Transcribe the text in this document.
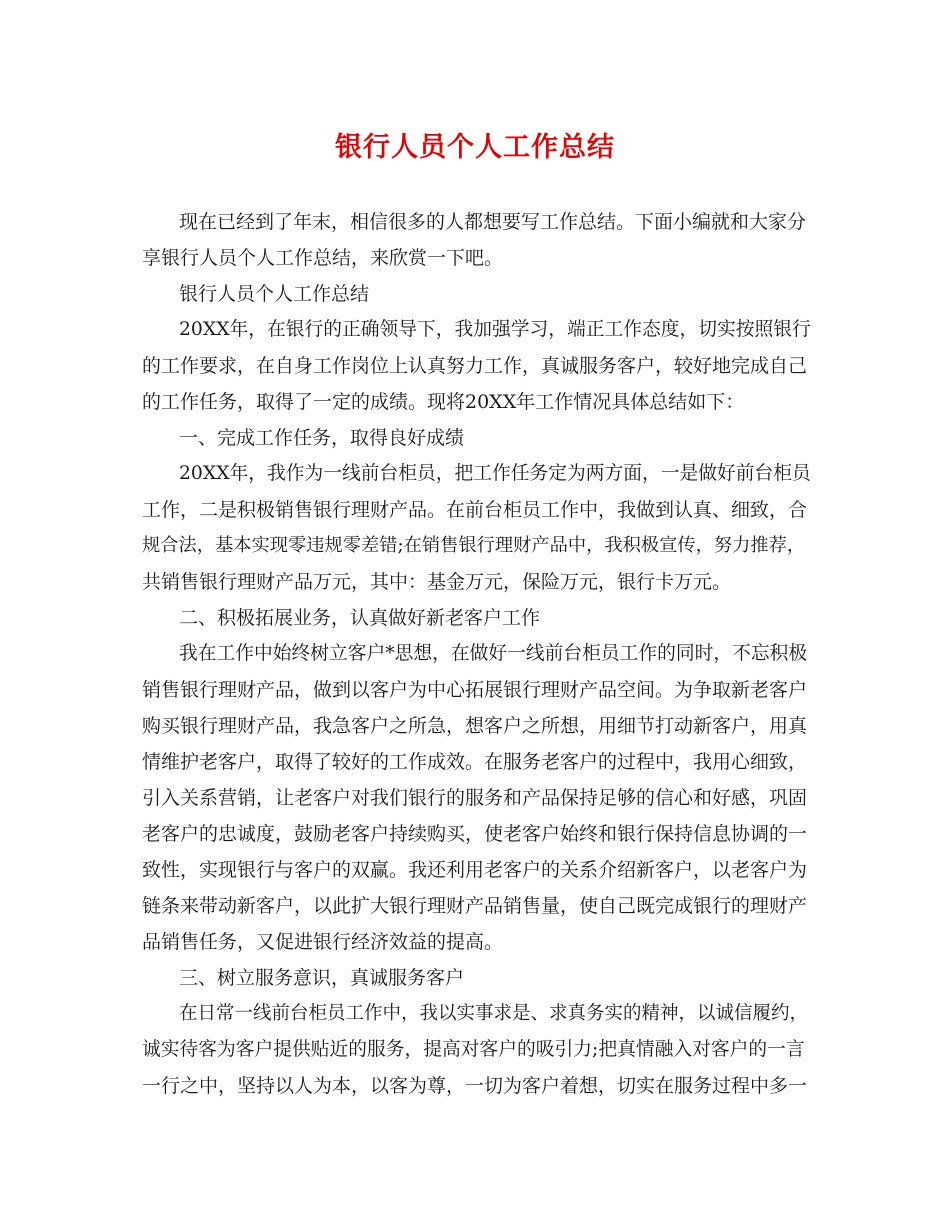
银行人员个人工作总结
现在已经到了年末，相信很多的人都想要写工作总结。下面小编就和大家分
享银行人员个人工作总结，来欣赏一下吧。
银行人员个人工作总结
20XX年，在银行的正确领导下，我加强学习，端正工作态度，切实按照银行
的工作要求，在自身工作岗位上认真努力工作，真诚服务客户，较好地完成自己
的工作任务，取得了一定的成绩。现将20XX年工作情况具体总结如下：
一、完成工作任务，取得良好成绩
20XX年，我作为一线前台柜员，把工作任务定为两方面，一是做好前台柜员
工作，二是积极销售银行理财产品。在前台柜员工作中，我做到认真、细致，合
规合法，基本实现零违规零差错;在销售银行理财产品中，我积极宣传，努力推荐，
共销售银行理财产品万元，其中：基金万元，保险万元，银行卡万元。
二、积极拓展业务，认真做好新老客户工作
我在工作中始终树立客户*思想，在做好一线前台柜员工作的同时，不忘积极
销售银行理财产品，做到以客户为中心拓展银行理财产品空间。为争取新老客户
购买银行理财产品，我急客户之所急，想客户之所想，用细节打动新客户，用真
情维护老客户，取得了较好的工作成效。在服务老客户的过程中，我用心细致，
引入关系营销，让老客户对我们银行的服务和产品保持足够的信心和好感，巩固
老客户的忠诚度，鼓励老客户持续购买，使老客户始终和银行保持信息协调的一
致性，实现银行与客户的双赢。我还利用老客户的关系介绍新客户，以老客户为
链条来带动新客户，以此扩大银行理财产品销售量，使自己既完成银行的理财产
品销售任务，又促进银行经济效益的提高。
三、树立服务意识，真诚服务客户
在日常一线前台柜员工作中，我以实事求是、求真务实的精神，以诚信履约，
诚实待客为客户提供贴近的服务，提高对客户的吸引力;把真情融入对客户的一言
一行之中，坚持以人为本，以客为尊，一切为客户着想，切实在服务过程中多一
